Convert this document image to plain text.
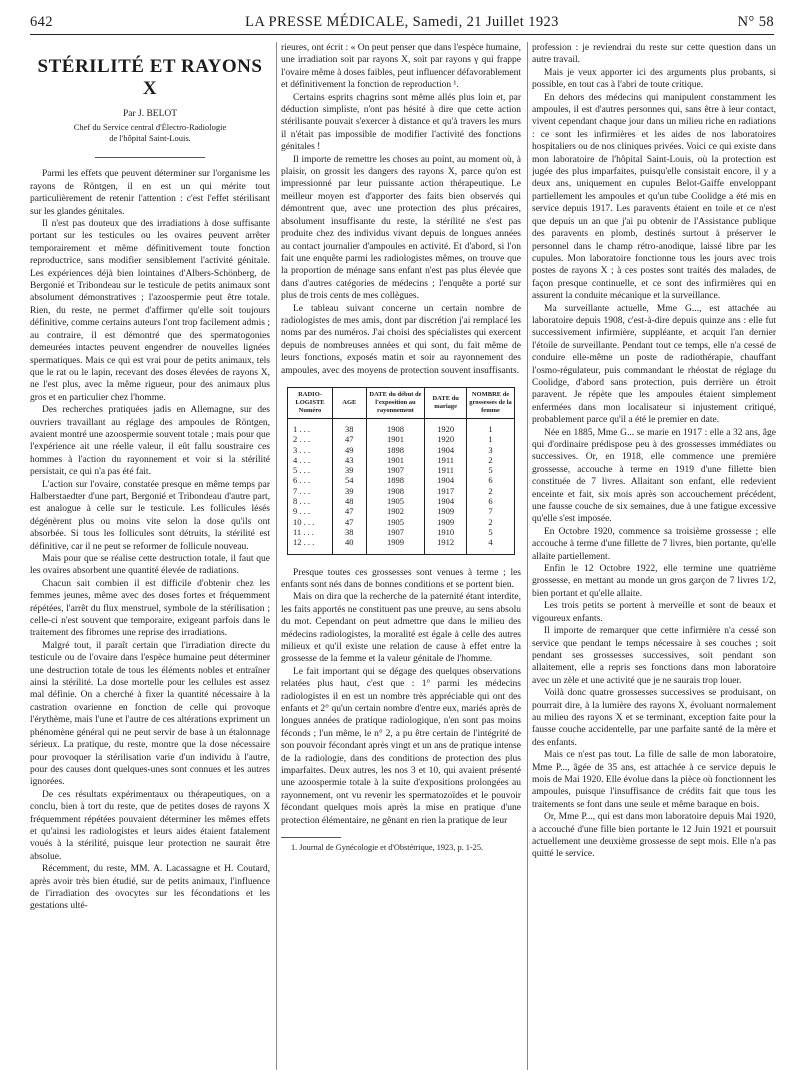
642	LA PRESSE MÉDICALE, Samedi, 21 Juillet 1923	N° 58
STÉRILITÉ ET RAYONS X
Par J. BELOT
Chef du Service central d'Électro-Radiologie
de l'hôpital Saint-Louis.

Parmi les effets que peuvent déterminer sur l'organisme les rayons de Röntgen, il en est un qui mérite tout particulièrement de retenir l'attention : c'est l'effet stérilisant sur les glandes génitales.

Il n'est pas douteux que des irradiations à dose suffisante portant sur les testicules ou les ovaires peuvent arrêter temporairement et même définitivement toute fonction reproductrice, sans modifier sensiblement l'activité génitale. Les expériences déjà bien lointaines d'Albers-Schönberg, de Bergonié et Tribondeau sur le testicule de petits animaux sont absolument démonstratives ; l'azoospermie peut être totale. Rien, du reste, ne permet d'affirmer qu'elle soit toujours définitive, comme certains auteurs l'ont trop facilement admis ; au contraire, il est démontré que des spermatogonies demeurées intactes peuvent engendrer de nouvelles lignées spermatiques. Mais ce qui est vrai pour de petits animaux, tels que le rat ou le lapin, recevant des doses élevées de rayons X, ne l'est plus, avec la même rigueur, pour des animaux plus gros et en particulier chez l'homme.

Des recherches pratiquées jadis en Allemagne, sur des ouvriers travaillant au réglage des ampoules de Röntgen, avaient montré une azoospermie souvent totale ; mais pour que l'expérience ait une réelle valeur, il eût fallu soustraire ces hommes à l'action du rayonnement et voir si la stérilité persistait, ce qui n'a pas été fait.

L'action sur l'ovaire, constatée presque en même temps par Halberstaedter d'une part, Bergonié et Tribondeau d'autre part, est analogue à celle sur le testicule. Les follicules lésés dégénèrent plus ou moins vite selon la dose qu'ils ont absorbée. Si tous les follicules sont détruits, la stérilité est définitive, car il ne peut se reformer de follicule nouveau.

Mais pour que se réalise cette destruction totale, il faut que les ovaires absorbent une quantité élevée de radiations.

Chacun sait combien il est difficile d'obtenir chez les femmes jeunes, même avec des doses fortes et fréquemment répétées, l'arrêt du flux menstruel, symbole de la stérilisation ; celle-ci n'est souvent que temporaire, exigeant parfois dans le traitement des fibromes une reprise des irradiations.

Malgré tout, il paraît certain que l'irradiation directe du testicule ou de l'ovaire dans l'espèce humaine peut déterminer une destruction totale de tous les éléments nobles et entraîner ainsi la stérilité. La dose mortelle pour les cellules est assez mal définie. On a cherché à fixer la quantité nécessaire à la castration ovarienne en fonction de celle qui provoque l'érythème, mais l'une et l'autre de ces altérations expriment un phénomène général qui ne peut servir de base à un étalonnage sérieux. La pratique, du reste, montre que la dose nécessaire pour provoquer la stérilisation varie d'un individu à l'autre, pour des causes dont quelques-unes sont connues et les autres ignorées.

De ces résultats expérimentaux ou thérapeutiques, on a conclu, bien à tort du reste, que de petites doses de rayons X fréquemment répétées pouvaient déterminer les mêmes effets et qu'ainsi les radiologistes et leurs aides étaient fatalement voués à la stérilité, puisque leur protection ne saurait être absolue.

Récemment, du reste, MM. A. Lacassagne et H. Coutard, après avoir très bien étudié, sur de petits animaux, l'influence de l'irradiation des ovocytes sur les fécondations et les gestations ulté-

rieures, ont écrit : « On peut penser que dans l'espèce humaine, une irradiation soit par rayons X, soit par rayons γ qui frappe l'ovaire même à doses faibles, peut influencer défavorablement et définitivement la fonction de reproduction ¹.

Certains esprits chagrins sont même allés plus loin et, par déduction simpliste, n'ont pas hésité à dire que cette action stérilisante pouvait s'exercer à distance et qu'à travers les murs il n'était pas impossible de modifier l'activité des fonctions génitales !

Il importe de remettre les choses au point, au moment où, à plaisir, on grossit les dangers des rayons X, parce qu'on est impressionné par leur puissante action thérapeutique. Le meilleur moyen est d'apporter des faits bien observés qui démontrent que, avec une protection des plus précaires, absolument insuffisante du reste, la stérilité ne s'est pas produite chez des individus vivant depuis de longues années au contact journalier d'ampoules en activité. Et d'abord, si l'on fait une enquête parmi les radiologistes mêmes, on trouve que la proportion de ménage sans enfant n'est pas plus élevée que dans d'autres catégories de médecins ; l'enquête a porté sur plus de trois cents de mes collègues.

Le tableau suivant concerne un certain nombre de radiologistes de mes amis, dont par discrétion j'ai remplacé les noms par des numéros. J'ai choisi des spécialistes qui exercent depuis de nombreuses années et qui sont, du fait même de leurs fonctions, exposés matin et soir au rayonnement des ampoules, avec des moyens de protection souvent insuffisants.

RADIO-LOGISTE Numéro	AGE	DATE du début de l'exposition au rayonnement	DATE du mariage	NOMBRE de grossesses de la femme
1 . . .	38	1908	1920	1
2 . . .	47	1901	1920	1
3 . . .	49	1898	1904	3
4 . . .	43	1901	1911	2
5 . . .	39	1907	1911	5
6 . . .	54	1898	1904	6
7 . . .	39	1908	1917	2
8 . . .	48	1905	1904	6
9 . . .	47	1902	1909	7
10 . . .	47	1905	1909	2
11 . . .	38	1907	1910	5
12 . . .	40	1909	1912	4

Presque toutes ces grossesses sont venues à terme ; les enfants sont nés dans de bonnes conditions et se portent bien.

Mais on dira que la recherche de la paternité étant interdite, les faits apportés ne constituent pas une preuve, au sens absolu du mot. Cependant on peut admettre que dans le milieu des médecins radiologistes, la moralité est égale à celle des autres milieux et qu'il existe une relation de cause à effet entre la grossesse de la femme et la valeur génitale de l'homme.

Le fait important qui se dégage des quelques observations relatées plus haut, c'est que : 1° parmi les médecins radiologistes il en est un nombre très appréciable qui ont des enfants et 2° qu'un certain nombre d'entre eux, mariés après de longues années de pratique radiologique, n'en sont pas moins féconds ; l'un même, le n° 2, a pu être certain de l'intégrité de son pouvoir fécondant après vingt et un ans de pratique intense de la radiologie, dans des conditions de protection des plus imparfaites. Deux autres, les nos 3 et 10, qui avaient présenté une azoospermie totale à la suite d'expositions prolongées au rayonnement, ont vu revenir les spermatozoïdes et le pouvoir fécondant quelques mois après la mise en pratique d'une protection élémentaire, ne gênant en rien la pratique de leur

1. Journal de Gynécologie et d'Obstétrique, 1923, p. 1-25.

profession : je reviendrai du reste sur cette question dans un autre travail.

Mais je veux apporter ici des arguments plus probants, si possible, en tout cas à l'abri de toute critique.

En dehors des médecins qui manipulent constamment les ampoules, il est d'autres personnes qui, sans être à leur contact, vivent cependant chaque jour dans un milieu riche en radiations : ce sont les infirmières et les aides de nos laboratoires hospitaliers ou de nos cliniques privées. Voici ce qui existe dans mon laboratoire de l'hôpital Saint-Louis, où la protection est jugée des plus imparfaites, puisqu'elle consistait encore, il y a deux ans, uniquement en cupules Belot-Gaiffe enveloppant partiellement les ampoules et qu'un tube Coolidge a été mis en service depuis 1917. Les paravents étaient en toile et ce n'est que depuis un an que j'ai pu obtenir de l'Assistance publique des paravents en plomb, destinés surtout à préserver le personnel dans le champ rétro-anodique, laissé libre par les cupules. Mon laboratoire fonctionne tous les jours avec trois postes de rayons X ; à ces postes sont traités des malades, de façon presque continuelle, et ce sont des infirmières qui en assurent la conduite mécanique et la surveillance.

Ma surveillante actuelle, Mme G..., est attachée au laboratoire depuis 1908, c'est-à-dire depuis quinze ans : elle fut successivement infirmière, suppléante, et acquit l'an dernier l'étoile de surveillante. Pendant tout ce temps, elle n'a cessé de conduire elle-même un poste de radiothérapie, chauffant l'osmo-régulateur, puis commandant le rhéostat de réglage du Coolidge, d'abord sans protection, puis derrière un étroit paravent. Je répète que les ampoules étaient simplement enfermées dans mon localisateur si injustement critiqué, probablement parce qu'il a été le premier en date.

Née en 1885, Mme G... se marie en 1917 : elle a 32 ans, âge qui d'ordinaire prédispose peu à des grossesses immédiates ou successives. Or, en 1918, elle commence une première grossesse, accouche à terme en 1919 d'une fillette bien constituée de 7 livres. Allaitant son enfant, elle redevient enceinte et fait, six mois après son accouchement précédent, une fausse couche de six semaines, due à une fatigue excessive qu'elle s'est imposée.

En Octobre 1920, commence sa troisième grossesse ; elle accouche à terme d'une fillette de 7 livres, bien portante, qu'elle allaite partiellement.

Enfin le 12 Octobre 1922, elle termine une quatrième grossesse, en mettant au monde un gros garçon de 7 livres 1/2, bien portant et qu'elle allaite.

Les trois petits se portent à merveille et sont de beaux et vigoureux enfants.

Il importe de remarquer que cette infirmière n'a cessé son service que pendant le temps nécessaire à ses couches ; soit pendant ses grossesses successives, soit pendant son allaitement, elle a repris ses fonctions dans mon laboratoire avec un zèle et une activité que je ne saurais trop louer.

Voilà donc quatre grossesses successives se produisant, on pourrait dire, à la lumière des rayons X, évoluant normalement au milieu des rayons X et se terminant, exception faite pour la fausse couche accidentelle, par une parfaite santé de la mère et des enfants.

Mais ce n'est pas tout. La fille de salle de mon laboratoire, Mme P..., âgée de 35 ans, est attachée à ce service depuis le mois de Mai 1920. Elle évolue dans la pièce où fonctionnent les ampoules, puisque l'insuffisance de crédits fait que tous les traitements se font dans une seule et même baraque en bois.

Or, Mme P..., qui est dans mon laboratoire depuis Mai 1920, a accouché d'une fille bien portante le 12 Juin 1921 et poursuit actuellement une deuxième grossesse de sept mois. Elle n'a pas quitté le service.
